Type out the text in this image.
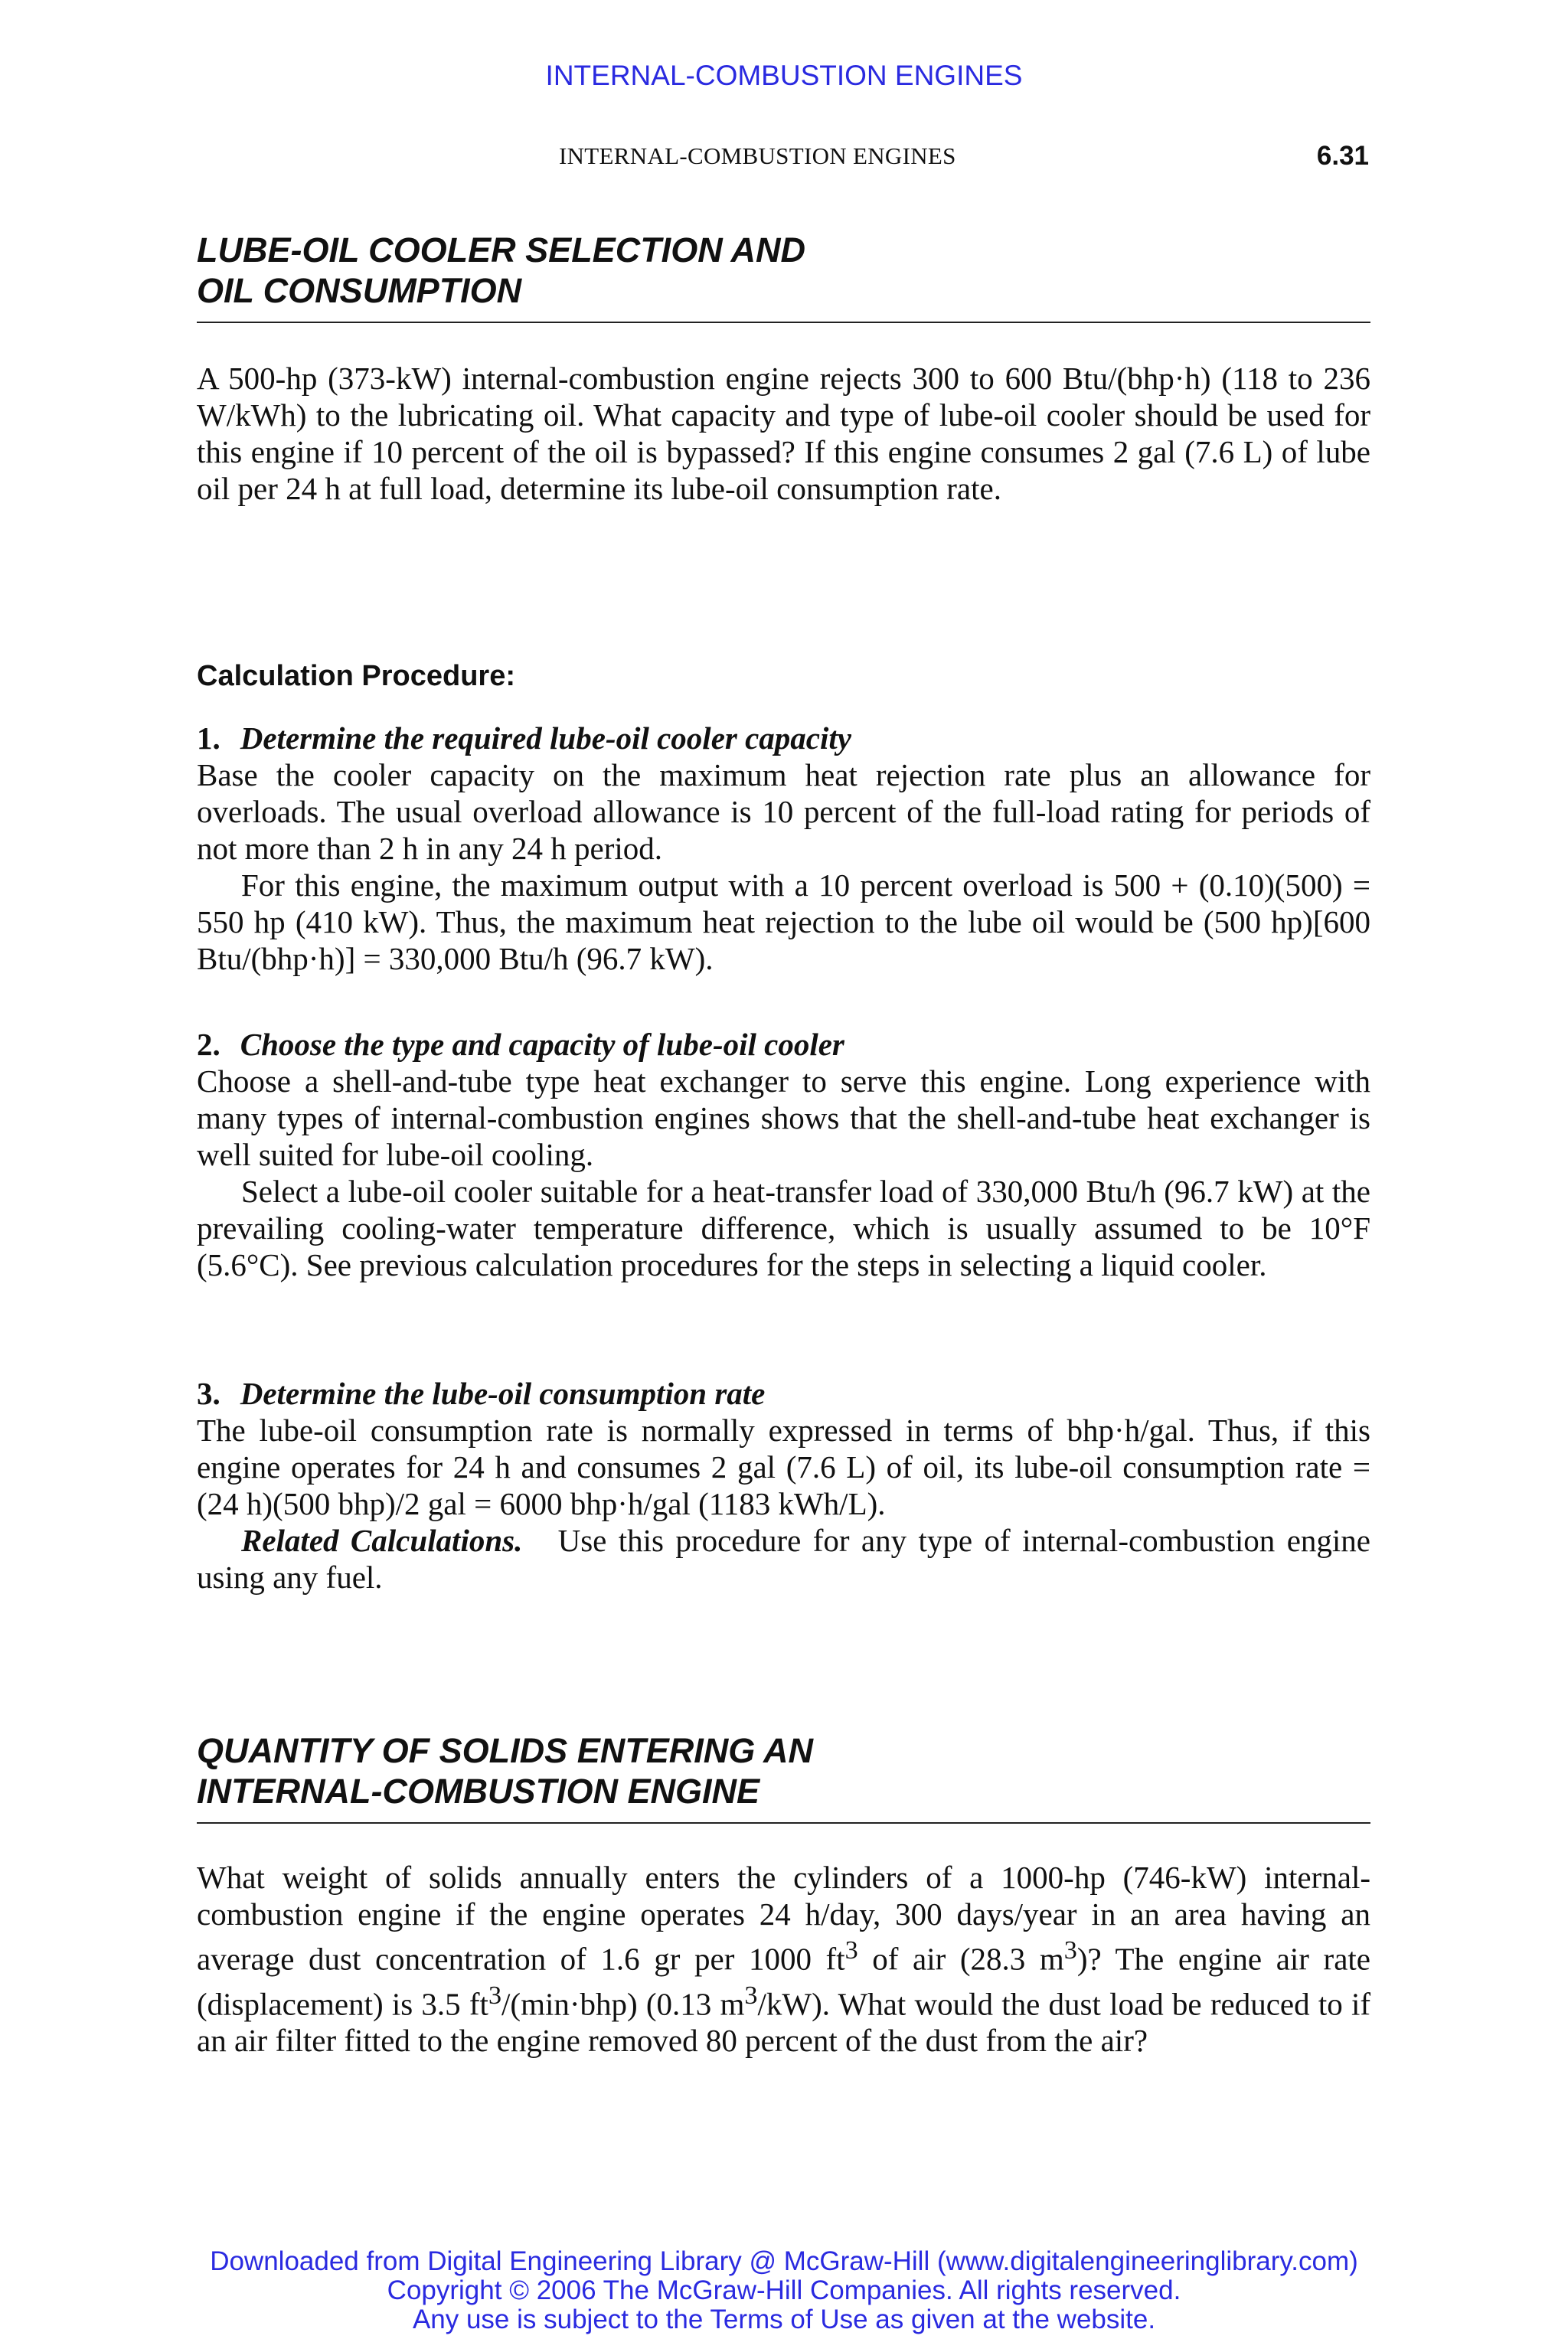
INTERNAL-COMBUSTION ENGINES
INTERNAL-COMBUSTION ENGINES	6.31
LUBE-OIL COOLER SELECTION AND
OIL CONSUMPTION

A 500-hp (373-kW) internal-combustion engine rejects 300 to 600 Btu/(bhp·h) (118 to 236 W/kWh) to the lubricating oil. What capacity and type of lube-oil cooler should be used for this engine if 10 percent of the oil is bypassed? If this engine consumes 2 gal (7.6 L) of lube oil per 24 h at full load, determine its lube-oil consumption rate.

Calculation Procedure:

1. Determine the required lube-oil cooler capacity

Base the cooler capacity on the maximum heat rejection rate plus an allowance for overloads. The usual overload allowance is 10 percent of the full-load rating for periods of not more than 2 h in any 24 h period.

For this engine, the maximum output with a 10 percent overload is 500 + (0.10)(500) = 550 hp (410 kW). Thus, the maximum heat rejection to the lube oil would be (500 hp)[600 Btu/(bhp·h)] = 330,000 Btu/h (96.7 kW).

2. Choose the type and capacity of lube-oil cooler

Choose a shell-and-tube type heat exchanger to serve this engine. Long experience with many types of internal-combustion engines shows that the shell-and-tube heat exchanger is well suited for lube-oil cooling.

Select a lube-oil cooler suitable for a heat-transfer load of 330,000 Btu/h (96.7 kW) at the prevailing cooling-water temperature difference, which is usually assumed to be 10°F (5.6°C). See previous calculation procedures for the steps in selecting a liquid cooler.

3. Determine the lube-oil consumption rate

The lube-oil consumption rate is normally expressed in terms of bhp·h/gal. Thus, if this engine operates for 24 h and consumes 2 gal (7.6 L) of oil, its lube-oil consumption rate = (24 h)(500 bhp)/2 gal = 6000 bhp·h/gal (1183 kWh/L).

Related Calculations. Use this procedure for any type of internal-combustion engine using any fuel.

QUANTITY OF SOLIDS ENTERING AN
INTERNAL-COMBUSTION ENGINE

What weight of solids annually enters the cylinders of a 1000-hp (746-kW) internal-combustion engine if the engine operates 24 h/day, 300 days/year in an area having an average dust concentration of 1.6 gr per 1000 $ft^3$ of air (28.3 $m^3$)? The engine air rate (displacement) is 3.5 $ft^3/(\min\cdot bhp)$ (0.13 $m^3/kW$). What would the dust load be reduced to if an air filter fitted to the engine removed 80 percent of the dust from the air?

Downloaded from Digital Engineering Library @ McGraw-Hill (www.digitalengineeringlibrary.com)

Copyright © 2006 The McGraw-Hill Companies. All rights reserved.

Any use is subject to the Terms of Use as given at the website.
